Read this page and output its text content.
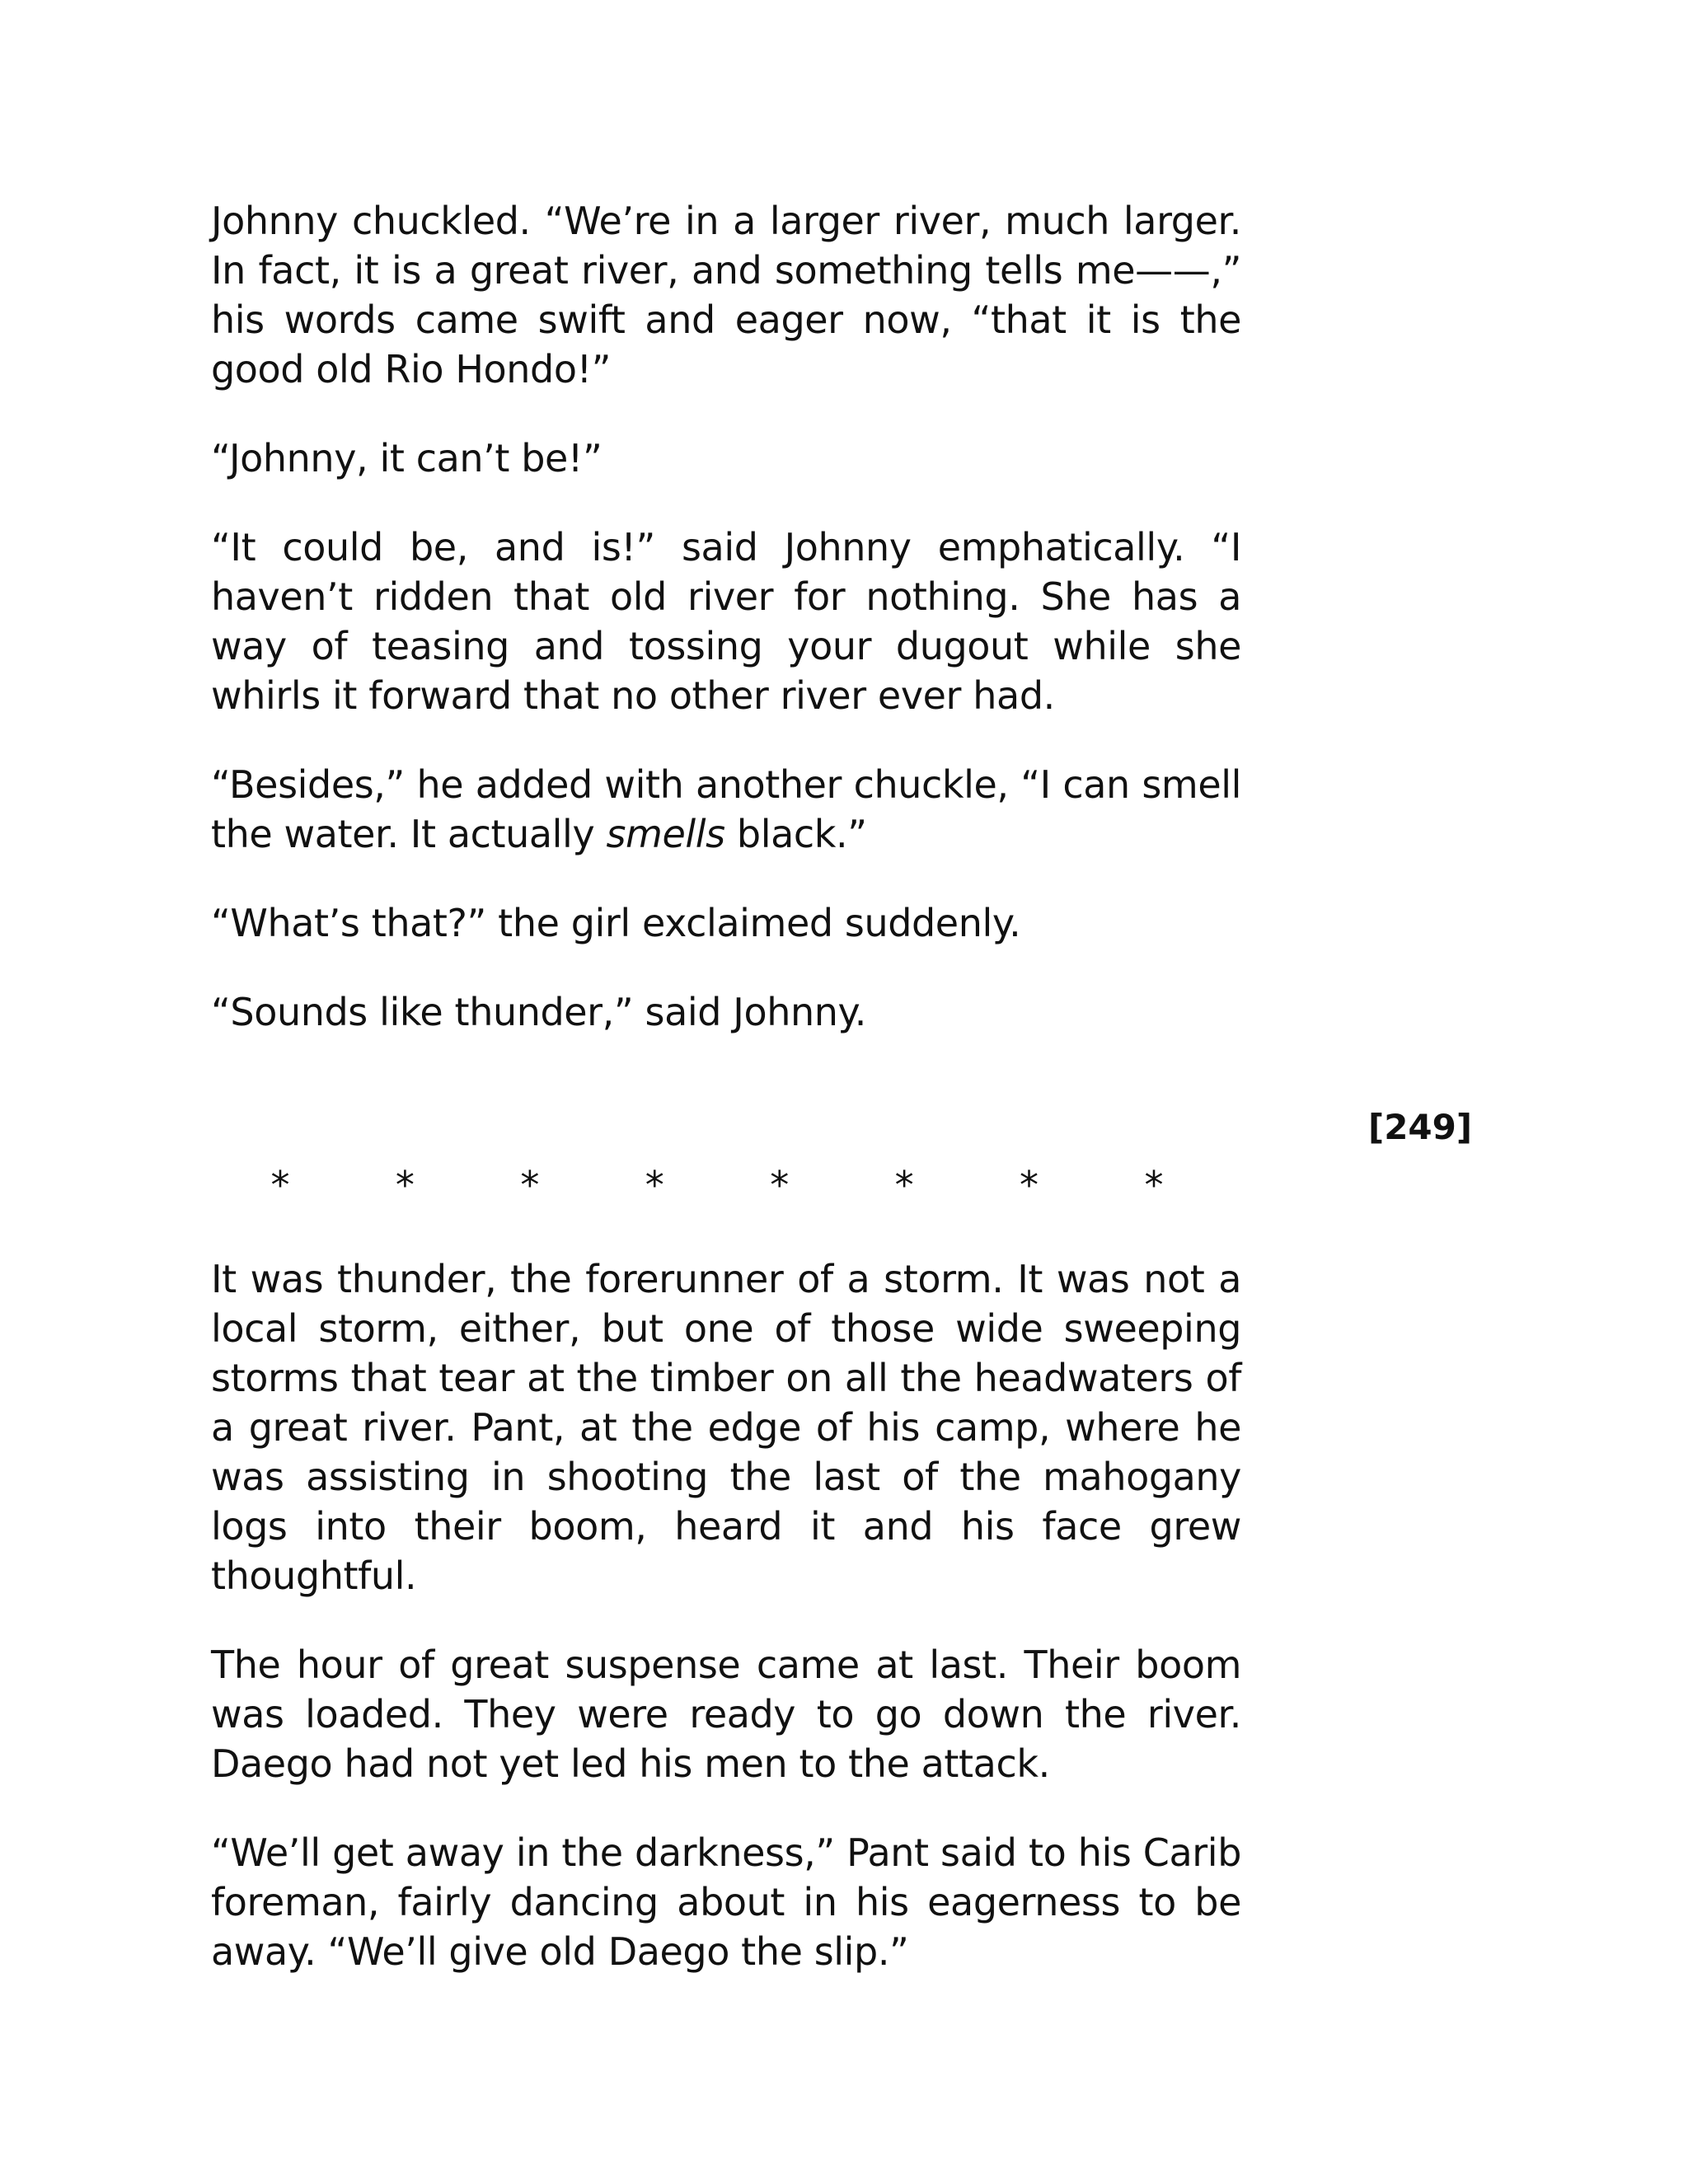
Johnny chuckled. “We’re in a larger river, much larger. In fact, it is a great river, and something tells me——,” his words came swift and eager now, “that it is the good old Rio Hondo!”

“Johnny, it can’t be!”

“It could be, and is!” said Johnny emphatically. “I haven’t ridden that old river for nothing. She has a way of teasing and tossing your dugout while she whirls it forward that no other river ever had.

“Besides,” he added with another chuckle, “I can smell the water. It actually smells black.”

“What’s that?” the girl exclaimed suddenly.

“Sounds like thunder,” said Johnny.

[249]
*	*	*	*	*	*	*	*

It was thunder, the forerunner of a storm. It was not a local storm, either, but one of those wide sweeping storms that tear at the timber on all the headwaters of a great river. Pant, at the edge of his camp, where he was assisting in shooting the last of the mahogany logs into their boom, heard it and his face grew thoughtful.

The hour of great suspense came at last. Their boom was loaded. They were ready to go down the river. Daego had not yet led his men to the attack.

“We’ll get away in the darkness,” Pant said to his Carib foreman, fairly dancing about in his eagerness to be away. “We’ll give old Daego the slip.”
